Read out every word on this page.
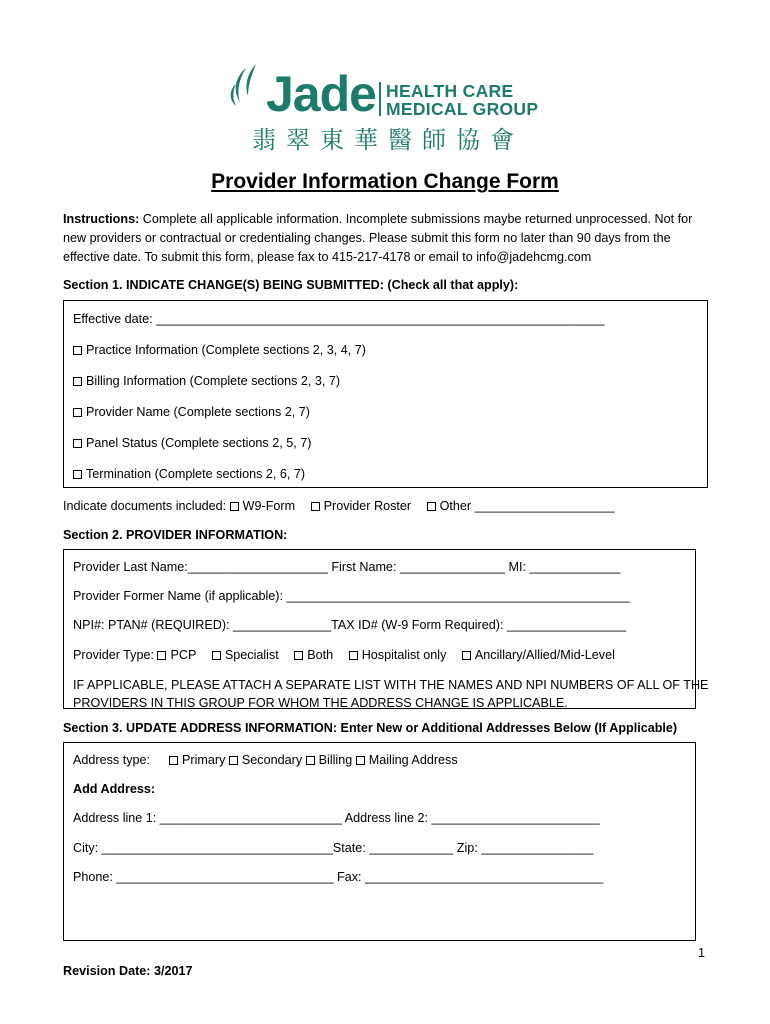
Jade HEALTH CARE
MEDICAL GROUP
翡翠東華醫師協會
Provider Information Change Form
Instructions: Complete all applicable information. Incomplete submissions maybe returned unprocessed. Not for
new providers or contractual or credentialing changes. Please submit this form no later than 90 days from the
effective date. To submit this form, please fax to 415-217-4178 or email to info@jadehcmg.com
Section 1. INDICATE CHANGE(S) BEING SUBMITTED: (Check all that apply):
Effective date: ________________________________________________________________
Practice Information (Complete sections 2, 3, 4, 7)
Billing Information (Complete sections 2, 3, 7)
Provider Name (Complete sections 2, 7)
Panel Status (Complete sections 2, 5, 7)
Termination (Complete sections 2, 6, 7)
Indicate documents included: W9-Form Provider Roster Other ____________________
Section 2. PROVIDER INFORMATION:
Provider Last Name:____________________ First Name: _______________ MI: _____________
Provider Former Name (if applicable): _________________________________________________
NPI#: PTAN# (REQUIRED): ______________TAX ID# (W-9 Form Required): _________________
Provider Type: PCP Specialist Both Hospitalist only Ancillary/Allied/Mid-Level
IF APPLICABLE, PLEASE ATTACH A SEPARATE LIST WITH THE NAMES AND NPI NUMBERS OF ALL OF THE
PROVIDERS IN THIS GROUP FOR WHOM THE ADDRESS CHANGE IS APPLICABLE.
Section 3. UPDATE ADDRESS INFORMATION: Enter New or Additional Addresses Below (If Applicable)
Address type:	Primary Secondary Billing Mailing Address
Add Address:
Address line 1: __________________________ Address line 2: ________________________
City: _________________________________State: ____________ Zip: ________________
Phone: _______________________________ Fax: __________________________________
1
Revision Date: 3/2017
